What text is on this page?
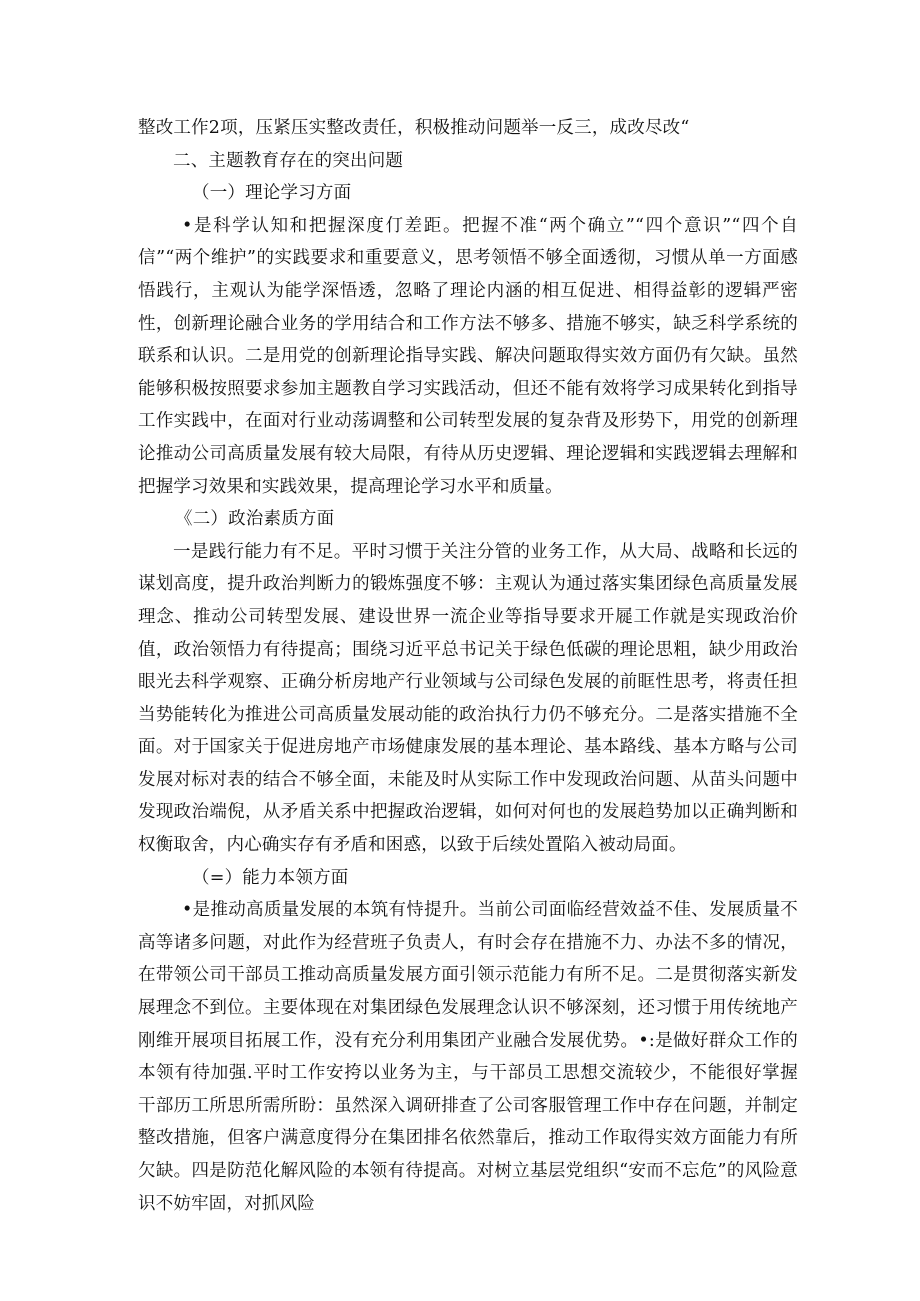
整改工作2项，压紧压实整改责任，积极推动问题举一反三，成改尽改“

二、主题教育存在的突出问题

（一）理论学习方面

•是科学认知和把握深度仃差距。把握不准“两个确立”“四个意识”“四个自信”“两个维护”的实践要求和重要意义，思考领悟不够全面透彻，习惯从单一方面感悟践行，主观认为能学深悟透，忽略了理论内涵的相互促进、相得益彰的逻辑严密性，创新理论融合业务的学用结合和工作方法不够多、措施不够实，缺乏科学系统的联系和认识。二是用党的创新理论指导实践、解决问题取得实效方面仍有欠缺。虽然能够积极按照要求参加主题教自学习实践活动，但还不能有效将学习成果转化到指导工作实践中，在面对行业动荡调整和公司转型发展的复杂背及形势下，用党的创新理论推动公司高质量发展有较大局限，有待从历史逻辑、理论逻辑和实践逻辑去理解和把握学习效果和实践效果，提高理论学习水平和质量。

《二）政治素质方面

一是践行能力有不足。平时习惯于关注分管的业务工作，从大局、战略和长远的谋划高度，提升政治判断力的锻炼强度不够：主观认为通过落实集团绿色高质量发展理念、推动公司转型发展、建设世界一流企业等指导要求开屣工作就是实现政治价值，政治领悟力有待提高；围绕习近平总书记关于绿色低碳的理论思粗，缺少用政治眼光去科学观察、正确分析房地产行业领域与公司绿色发展的前眶性思考，将责任担当势能转化为推进公司高质量发展动能的政治执行力仍不够充分。二是落实措施不全面。对于国家关于促进房地产市场健康发展的基本理论、基本路线、基本方略与公司发展对标对表的结合不够全面，未能及时从实际工作中发现政治问题、从苗头问题中发现政治端倪，从矛盾关系中把握政治逻辑，如何对何也的发展趋势加以正确判断和权衡取舍，内心确实存有矛盾和困惑，以致于后续处置陷入被动局面。

（=）能力本领方面

•是推动高质量发展的本筑有恃提升。当前公司面临经营效益不佳、发展质量不高等诸多问题，对此作为经营班子负责人，有时会存在措施不力、办法不多的情况，在带领公司干部员工推动高质量发展方面引领示范能力有所不足。二是贯彻落实新发展理念不到位。主要体现在对集团绿色发展理念认识不够深刻，还习惯于用传统地产刚维开展项目拓展工作，没有充分利用集团产业融合发展优势。•:是做好群众工作的本领有待加强.平时工作安挎以业务为主，与干部员工思想交流较少，不能很好掌握干部历工所思所需所盼：虽然深入调研排查了公司客服管理工作中存在问题，并制定整改措施，但客户满意度得分在集团排名依然靠后，推动工作取得实效方面能力有所欠缺。四是防范化解风险的本领有待提高。对树立基层党组织“安而不忘危”的风险意识不妨牢固，对抓风险
